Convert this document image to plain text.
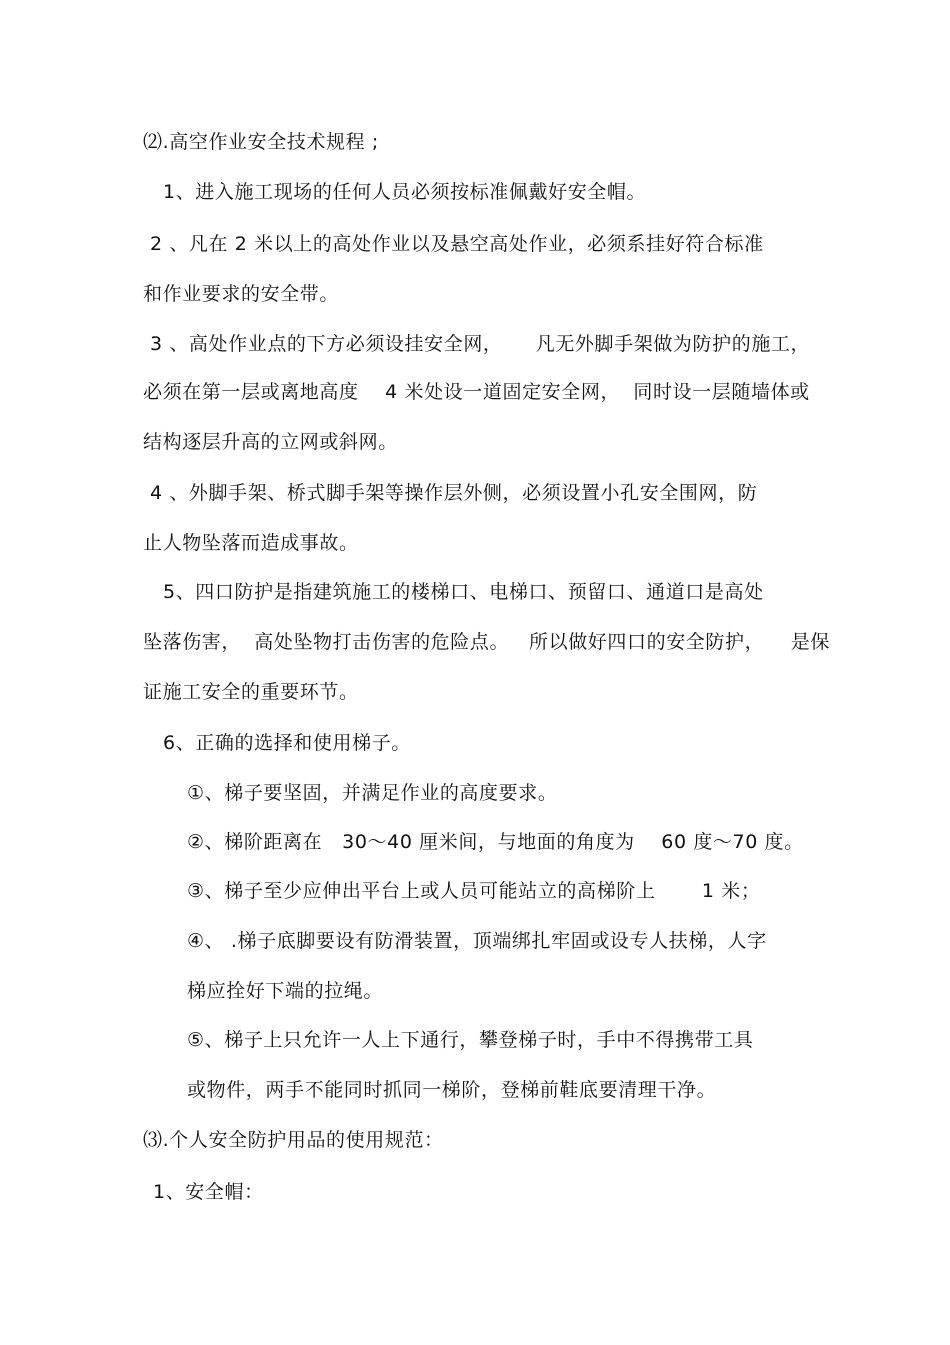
⑵.高空作业安全技术规程 ;
1、进入施工现场的任何人员必须按标准佩戴好安全帽。
2 、凡在 2 米以上的高处作业以及悬空高处作业，必须系挂好符合标准
和作业要求的安全带。
3 、高处作业点的下方必须设挂安全网，     凡无外脚手架做为防护的施工，
必须在第一层或离地高度    4 米处设一道固定安全网，  同时设一层随墙体或
结构逐层升高的立网或斜网。
4 、外脚手架、桥式脚手架等操作层外侧，必须设置小孔安全围网，防
止人物坠落而造成事故。
5、四口防护是指建筑施工的楼梯口、电梯口、预留口、通道口是高处
坠落伤害，  高处坠物打击伤害的危险点。   所以做好四口的安全防护，    是保
证施工安全的重要环节。
6、正确的选择和使用梯子。
①、梯子要坚固，并满足作业的高度要求。
②、梯阶距离在   30～40 厘米间，与地面的角度为    60 度～70 度。
③、梯子至少应伸出平台上或人员可能站立的高梯阶上       1 米；
④、 .梯子底脚要设有防滑装置，顶端绑扎牢固或设专人扶梯，人字
梯应拴好下端的拉绳。
⑤、梯子上只允许一人上下通行，攀登梯子时，手中不得携带工具
或物件，两手不能同时抓同一梯阶，登梯前鞋底要清理干净。
⑶.个人安全防护用品的使用规范：
1、安全帽：
